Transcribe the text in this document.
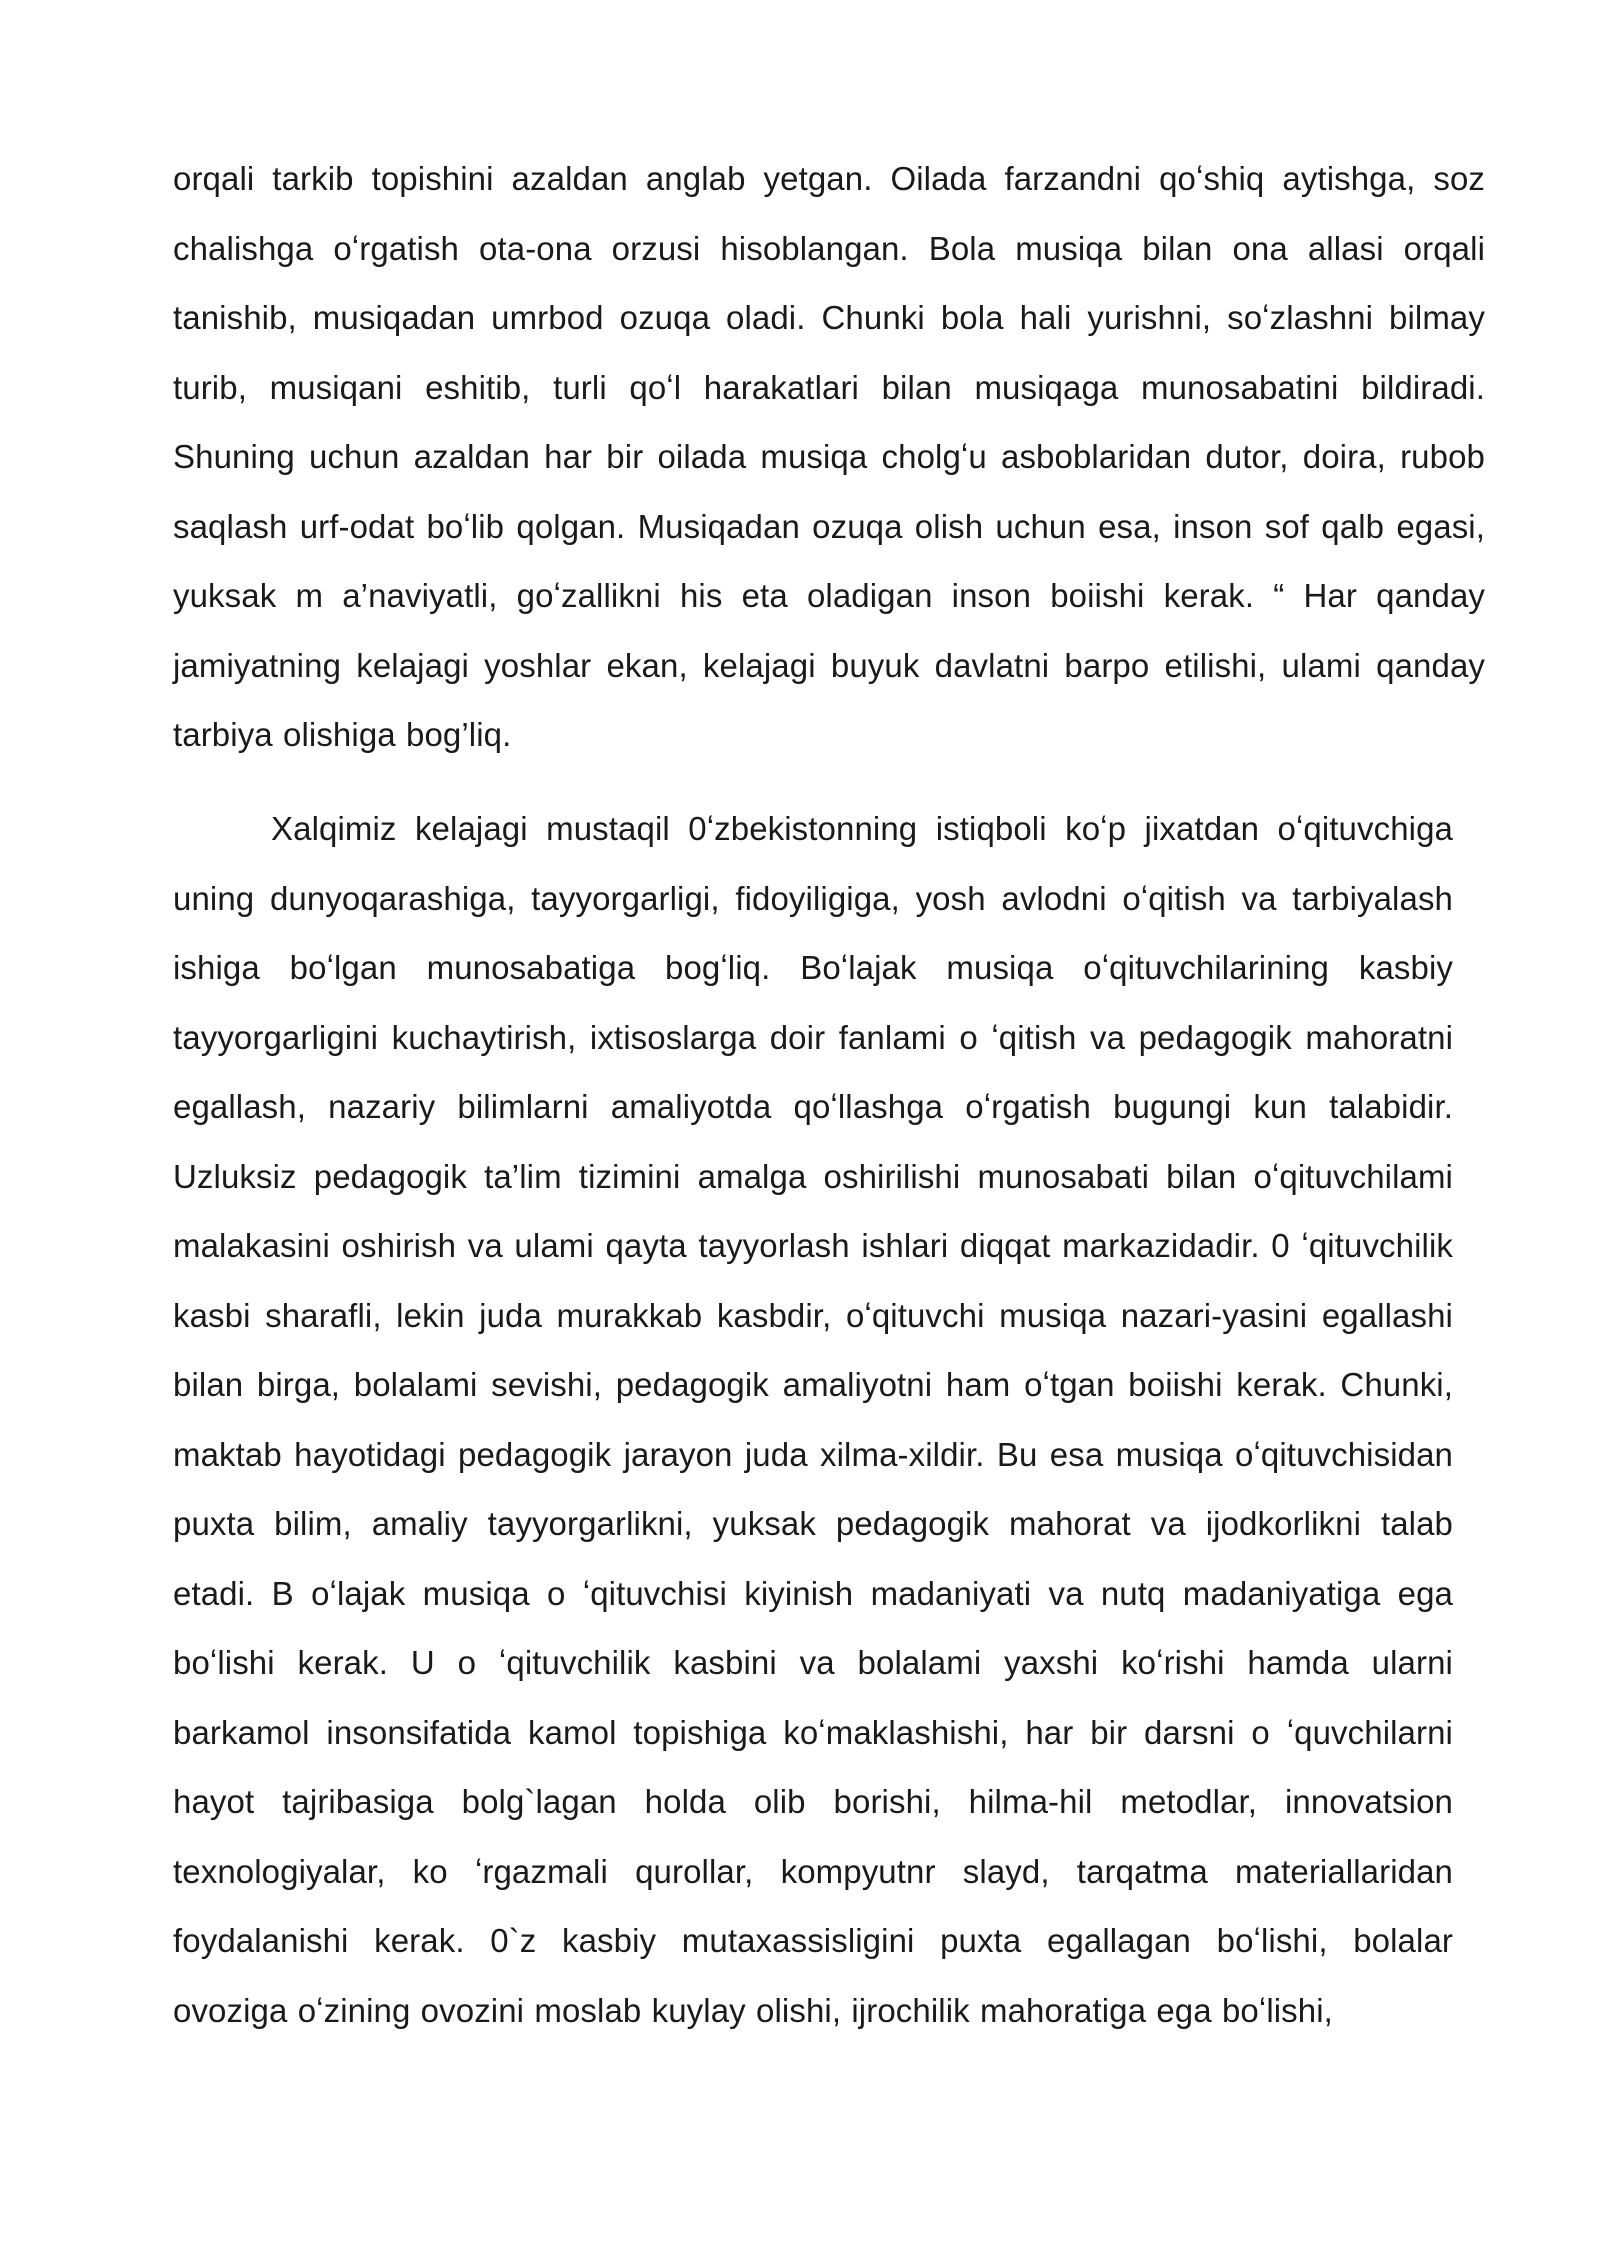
orqali tarkib topishini azaldan anglab yetgan. Oilada farzandni qoʻshiq aytishga, soz chalishga oʻrgatish ota-ona orzusi hisoblangan. Bola musiqa bilan ona allasi orqali tanishib, musiqadan umrbod ozuqa oladi. Chunki bola hali yurishni, soʻzlashni bilmay turib, musiqani eshitib, turli qoʻl harakatlari bilan musiqaga munosabatini bildiradi. Shuning uchun azaldan har bir oilada musiqa cholgʻu asboblaridan dutor, doira, rubob saqlash urf-odat boʻlib qolgan. Musiqadan ozuqa olish uchun esa, inson sof qalb egasi, yuksak m a’naviyatli, goʻzallikni his eta oladigan inson boiishi kerak. “ Har qanday jamiyatning kelajagi yoshlar ekan, kelajagi buyuk davlatni barpo etilishi, ulami qanday tarbiya olishiga bog’liq.

Xalqimiz kelajagi mustaqil 0ʻzbekistonning istiqboli koʻp jixatdan oʻqituvchiga uning dunyoqarashiga, tayyorgarligi, fidoyiligiga, yosh avlodni oʻqitish va tarbiyalash ishiga boʻlgan munosabatiga bogʻliq. Boʻlajak musiqa oʻqituvchilarining kasbiy tayyorgarligini kuchaytirish, ixtisoslarga doir fanlami o ʻqitish va pedagogik mahoratni egallash, nazariy bilimlarni amaliyotda qoʻllashga oʻrgatish bugungi kun talabidir. Uzluksiz pedagogik ta’lim tizimini amalga oshirilishi munosabati bilan oʻqituvchilami malakasini oshirish va ulami qayta tayyorlash ishlari diqqat markazidadir. 0 ʻqituvchilik kasbi sharafli, lekin juda murakkab kasbdir, oʻqituvchi musiqa nazari-yasini egallashi bilan birga, bolalami sevishi, pedagogik amaliyotni ham oʻtgan boiishi kerak. Chunki, maktab hayotidagi pedagogik jarayon juda xilma-xildir. Bu esa musiqa oʻqituvchisidan puxta bilim, amaliy tayyorgarlikni, yuksak pedagogik mahorat va ijodkorlikni talab etadi. B oʻlajak musiqa o ʻqituvchisi kiyinish madaniyati va nutq madaniyatiga ega boʻlishi kerak. U o ʻqituvchilik kasbini va bolalami yaxshi koʻrishi hamda ularni barkamol insonsifatida kamol topishiga koʻmaklashishi, har bir darsni o ʻquvchilarni hayot tajribasiga bolg`lagan holda olib borishi, hilma-hil metodlar, innovatsion texnologiyalar, ko ʻrgazmali qurollar, kompyutnr slayd, tarqatma materiallaridan foydalanishi kerak. 0`z kasbiy mutaxassisligini puxta egallagan boʻlishi, bolalar ovoziga oʻzining ovozini moslab kuylay olishi, ijrochilik mahoratiga ega boʻlishi,
